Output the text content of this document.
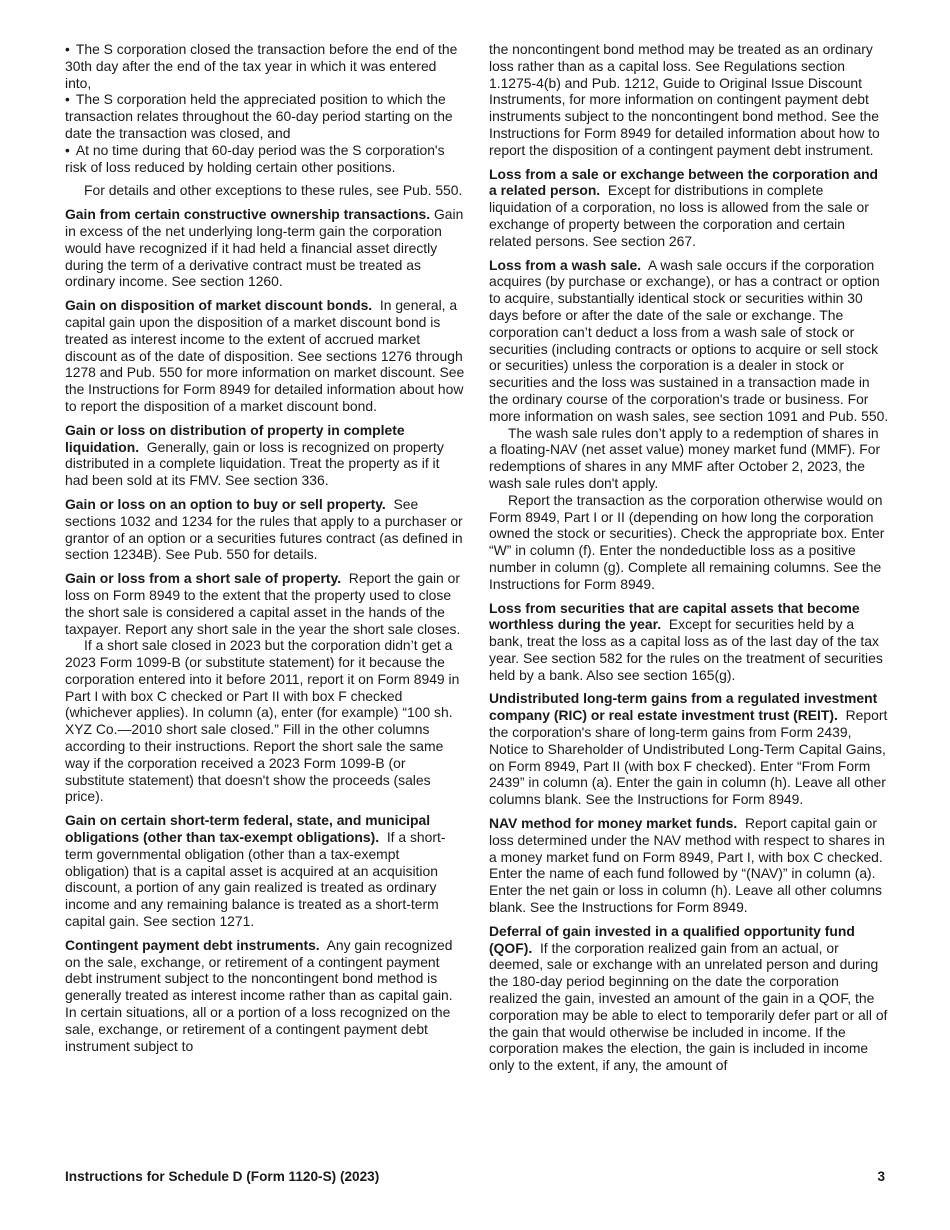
• The S corporation closed the transaction before the end of the 30th day after the end of the tax year in which it was entered into,

• The S corporation held the appreciated position to which the transaction relates throughout the 60-day period starting on the date the transaction was closed, and

• At no time during that 60-day period was the S corporation's risk of loss reduced by holding certain other positions.

For details and other exceptions to these rules, see Pub. 550.

Gain from certain constructive ownership transactions. Gain in excess of the net underlying long-term gain the corporation would have recognized if it had held a financial asset directly during the term of a derivative contract must be treated as ordinary income. See section 1260.

Gain on disposition of market discount bonds. In general, a capital gain upon the disposition of a market discount bond is treated as interest income to the extent of accrued market discount as of the date of disposition. See sections 1276 through 1278 and Pub. 550 for more information on market discount. See the Instructions for Form 8949 for detailed information about how to report the disposition of a market discount bond.

Gain or loss on distribution of property in complete liquidation. Generally, gain or loss is recognized on property distributed in a complete liquidation. Treat the property as if it had been sold at its FMV. See section 336.

Gain or loss on an option to buy or sell property. See sections 1032 and 1234 for the rules that apply to a purchaser or grantor of an option or a securities futures contract (as defined in section 1234B). See Pub. 550 for details.

Gain or loss from a short sale of property. Report the gain or loss on Form 8949 to the extent that the property used to close the short sale is considered a capital asset in the hands of the taxpayer. Report any short sale in the year the short sale closes.

If a short sale closed in 2023 but the corporation didn’t get a 2023 Form 1099-B (or substitute statement) for it because the corporation entered into it before 2011, report it on Form 8949 in Part I with box C checked or Part II with box F checked (whichever applies). In column (a), enter (for example) “100 sh. XYZ Co.—2010 short sale closed.” Fill in the other columns according to their instructions. Report the short sale the same way if the corporation received a 2023 Form 1099-B (or substitute statement) that doesn't show the proceeds (sales price).

Gain on certain short-term federal, state, and municipal obligations (other than tax-exempt obligations). If a short-term governmental obligation (other than a tax-exempt obligation) that is a capital asset is acquired at an acquisition discount, a portion of any gain realized is treated as ordinary income and any remaining balance is treated as a short-term capital gain. See section 1271.

Contingent payment debt instruments. Any gain recognized on the sale, exchange, or retirement of a contingent payment debt instrument subject to the noncontingent bond method is generally treated as interest income rather than as capital gain. In certain situations, all or a portion of a loss recognized on the sale, exchange, or retirement of a contingent payment debt instrument subject to

the noncontingent bond method may be treated as an ordinary loss rather than as a capital loss. See Regulations section 1.1275-4(b) and Pub. 1212, Guide to Original Issue Discount Instruments, for more information on contingent payment debt instruments subject to the noncontingent bond method. See the Instructions for Form 8949 for detailed information about how to report the disposition of a contingent payment debt instrument.

Loss from a sale or exchange between the corporation and a related person. Except for distributions in complete liquidation of a corporation, no loss is allowed from the sale or exchange of property between the corporation and certain related persons. See section 267.

Loss from a wash sale. A wash sale occurs if the corporation acquires (by purchase or exchange), or has a contract or option to acquire, substantially identical stock or securities within 30 days before or after the date of the sale or exchange. The corporation can’t deduct a loss from a wash sale of stock or securities (including contracts or options to acquire or sell stock or securities) unless the corporation is a dealer in stock or securities and the loss was sustained in a transaction made in the ordinary course of the corporation's trade or business. For more information on wash sales, see section 1091 and Pub. 550.

The wash sale rules don’t apply to a redemption of shares in a floating-NAV (net asset value) money market fund (MMF). For redemptions of shares in any MMF after October 2, 2023, the wash sale rules don't apply.

Report the transaction as the corporation otherwise would on Form 8949, Part I or II (depending on how long the corporation owned the stock or securities). Check the appropriate box. Enter “W” in column (f). Enter the nondeductible loss as a positive number in column (g). Complete all remaining columns. See the Instructions for Form 8949.

Loss from securities that are capital assets that become worthless during the year. Except for securities held by a bank, treat the loss as a capital loss as of the last day of the tax year. See section 582 for the rules on the treatment of securities held by a bank. Also see section 165(g).

Undistributed long-term gains from a regulated investment company (RIC) or real estate investment trust (REIT). Report the corporation's share of long-term gains from Form 2439, Notice to Shareholder of Undistributed Long-Term Capital Gains, on Form 8949, Part II (with box F checked). Enter “From Form 2439” in column (a). Enter the gain in column (h). Leave all other columns blank. See the Instructions for Form 8949.

NAV method for money market funds. Report capital gain or loss determined under the NAV method with respect to shares in a money market fund on Form 8949, Part I, with box C checked. Enter the name of each fund followed by “(NAV)” in column (a). Enter the net gain or loss in column (h). Leave all other columns blank. See the Instructions for Form 8949.

Deferral of gain invested in a qualified opportunity fund (QOF). If the corporation realized gain from an actual, or deemed, sale or exchange with an unrelated person and during the 180-day period beginning on the date the corporation realized the gain, invested an amount of the gain in a QOF, the corporation may be able to elect to temporarily defer part or all of the gain that would otherwise be included in income. If the corporation makes the election, the gain is included in income only to the extent, if any, the amount of

Instructions for Schedule D (Form 1120-S) (2023)	3
